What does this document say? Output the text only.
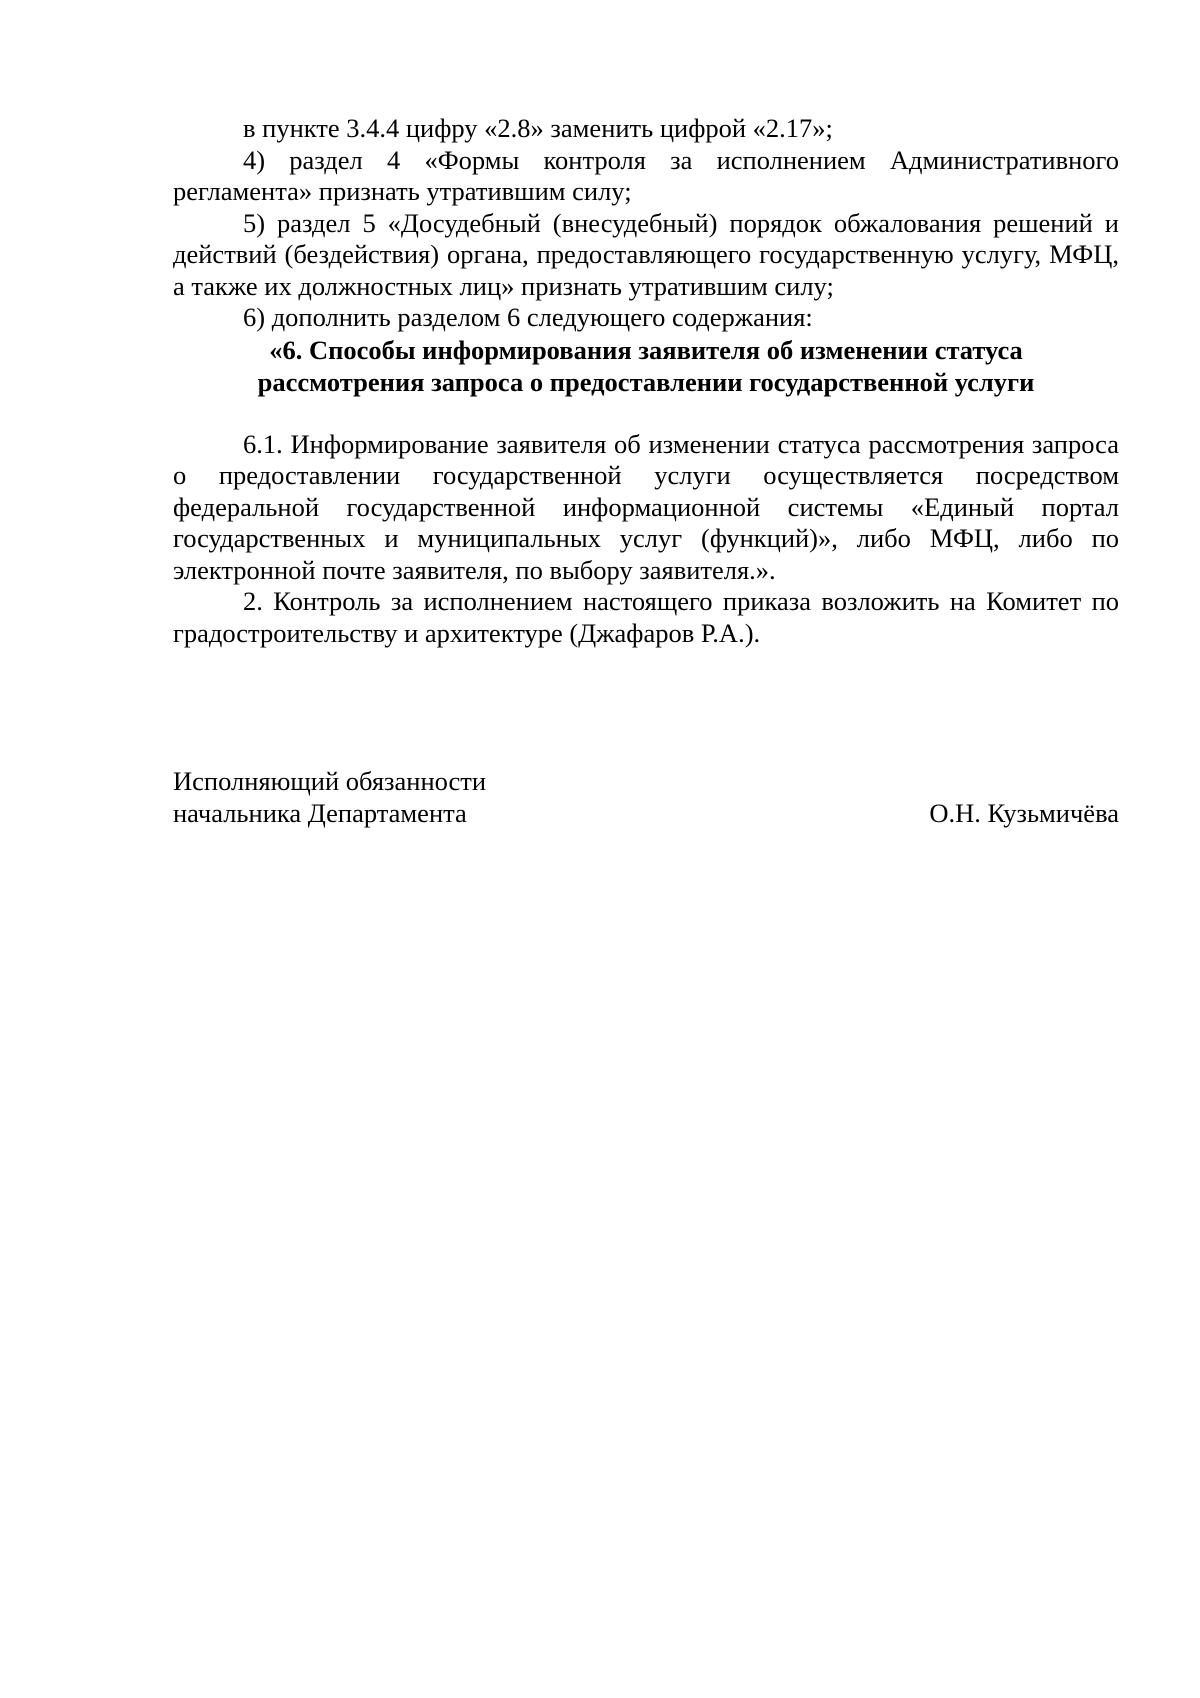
в пункте 3.4.4 цифру «2.8» заменить цифрой «2.17»;

4) раздел 4 «Формы контроля за исполнением Административного регламента» признать утратившим силу;

5) раздел 5 «Досудебный (внесудебный) порядок обжалования решений и действий (бездействия) органа, предоставляющего государственную услугу, МФЦ, а также их должностных лиц» признать утратившим силу;

6) дополнить разделом 6 следующего содержания:

«6. Способы информирования заявителя об изменении статуса
рассмотрения запроса о предоставлении государственной услуги

6.1. Информирование заявителя об изменении статуса рассмотрения запроса о предоставлении государственной услуги осуществляется посредством федеральной государственной информационной системы «Единый портал государственных и муниципальных услуг (функций)», либо МФЦ, либо по электронной почте заявителя, по выбору заявителя.».

2. Контроль за исполнением настоящего приказа возложить на Комитет по градостроительству и архитектуре (Джафаров Р.А.).

Исполняющий обязанности
начальника Департамента	О.Н. Кузьмичёва
